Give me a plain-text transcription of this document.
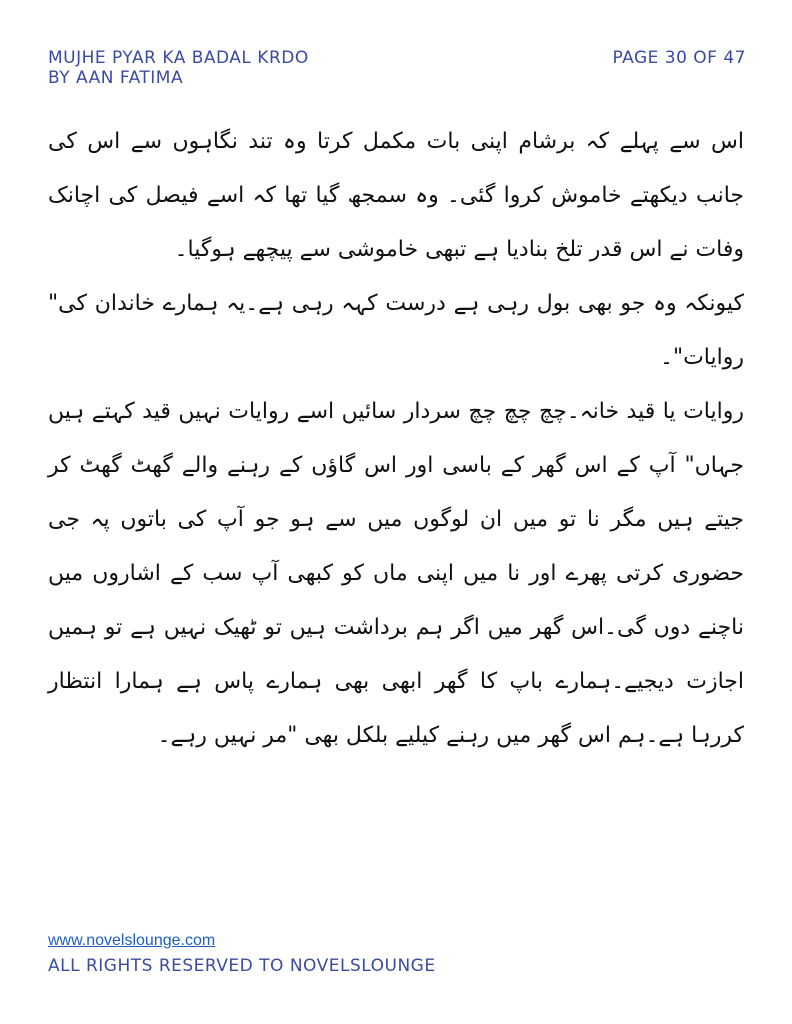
MUJHE PYAR KA BADAL KRDO
BY AAN FATIMA
PAGE 30 OF 47

اس سے پہلے کہ برشام اپنی بات مکمل کرتا وہ تند نگاہوں سے اس کی جانب دیکھتے خاموش کروا گئی۔ وہ سمجھ گیا تھا کہ اسے فیصل کی اچانک وفات نے اس قدر تلخ بنادیا ہے تبھی خاموشی سے پیچھے ہوگیا۔

کیونکہ وہ جو بھی بول رہی ہے درست کہہ رہی ہے۔یہ ہمارے خاندان کی" روایات"۔

روایات یا قید خانہ۔چچ چچ چچ سردار سائیں اسے روایات نہیں قید کہتے ہیں جہاں" آپ کے اس گھر کے باسی اور اس گاؤں کے رہنے والے گھٹ گھٹ کر جیتے ہیں مگر نا تو میں ان لوگوں میں سے ہو جو آپ کی باتوں پہ جی حضوری کرتی پھرے اور نا میں اپنی ماں کو کبھی آپ سب کے اشاروں میں ناچنے دوں گی۔اس گھر میں اگر ہم برداشت ہیں تو ٹھیک نہیں ہے تو ہمیں اجازت دیجیے۔ہمارے باپ کا گھر ابھی بھی ہمارے پاس ہے ہمارا انتظار کررہا ہے۔ہم اس گھر میں رہنے کیلیے بلکل بھی "مر نہیں رہے۔

www.novelslounge.com
ALL RIGHTS RESERVED TO NOVELSLOUNGE
